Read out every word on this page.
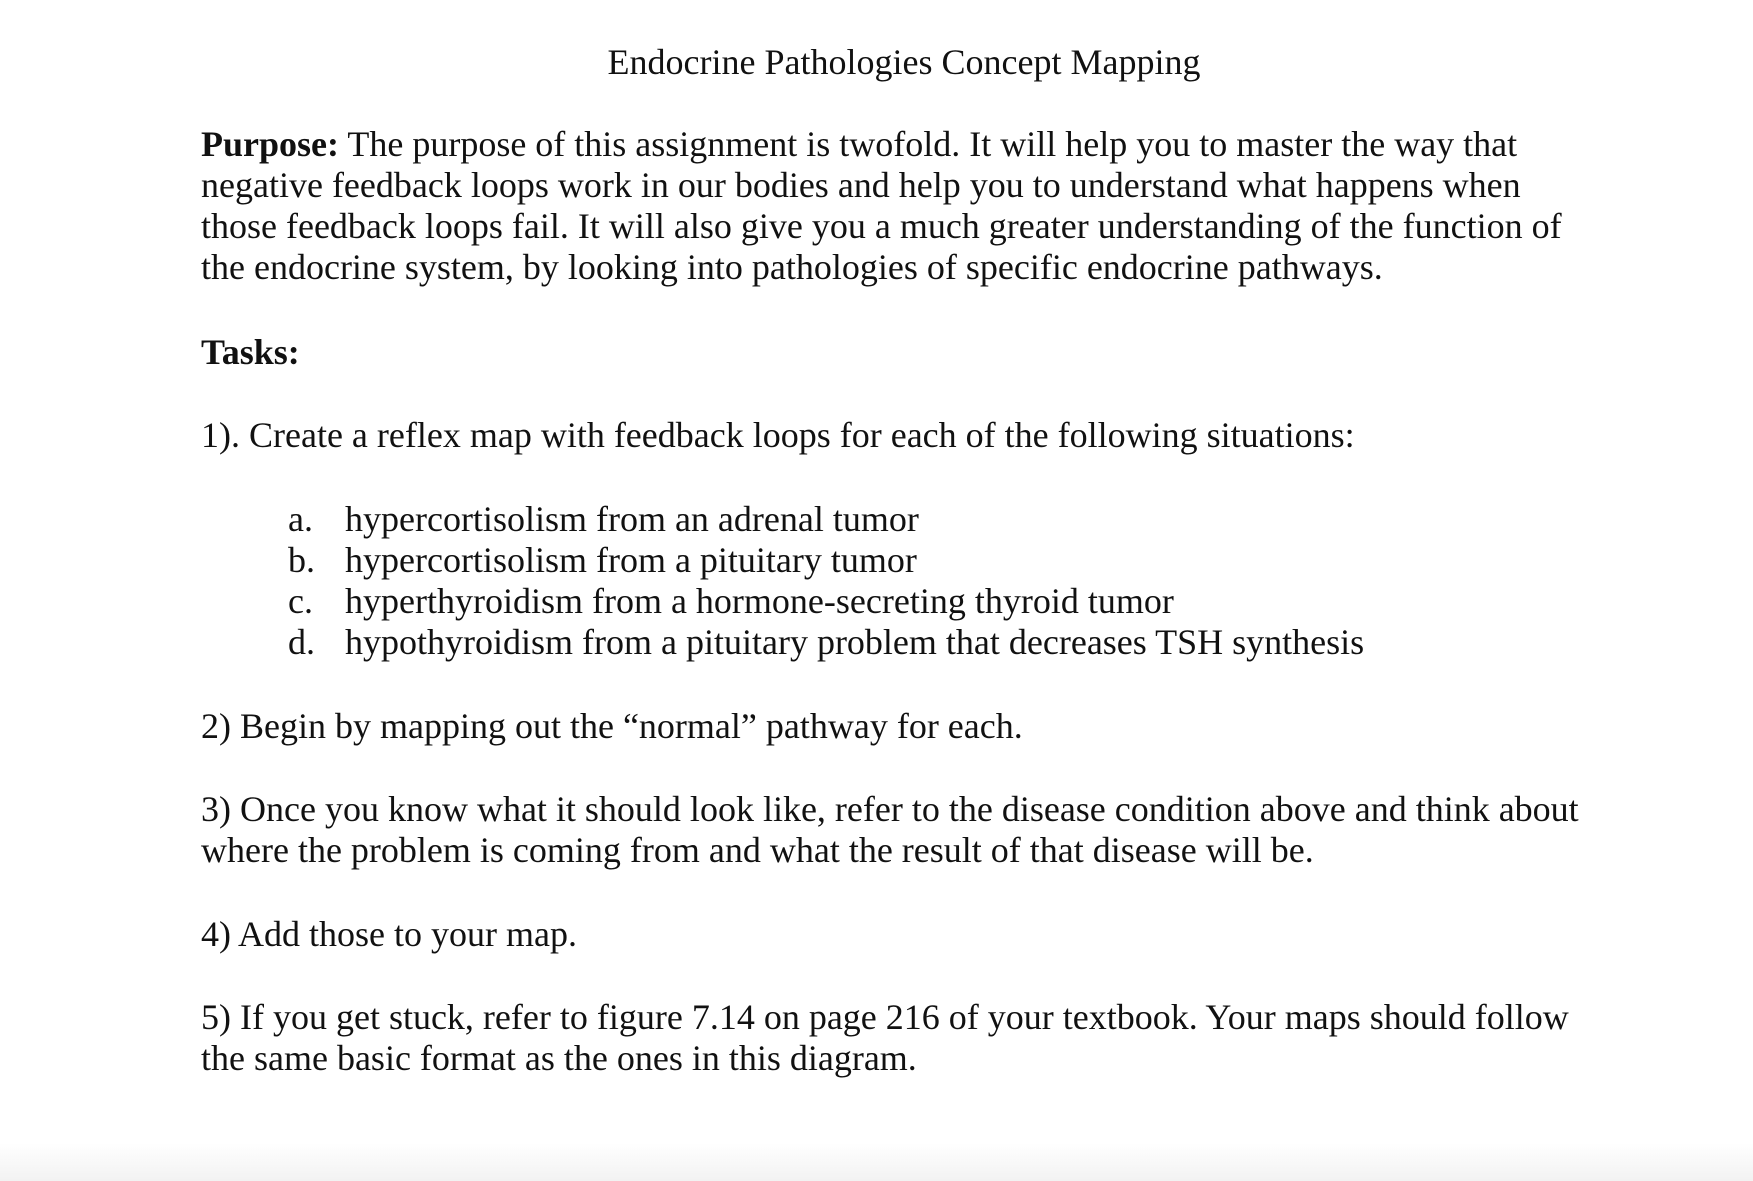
Endocrine Pathologies Concept Mapping

Purpose: The purpose of this assignment is twofold. It will help you to master the way that
negative feedback loops work in our bodies and help you to understand what happens when
those feedback loops fail. It will also give you a much greater understanding of the function of
the endocrine system, by looking into pathologies of specific endocrine pathways.

Tasks:

1). Create a reflex map with feedback loops for each of the following situations:

a. hypercortisolism from an adrenal tumor
b. hypercortisolism from a pituitary tumor
c. hyperthyroidism from a hormone-secreting thyroid tumor
d. hypothyroidism from a pituitary problem that decreases TSH synthesis

2) Begin by mapping out the “normal” pathway for each.

3) Once you know what it should look like, refer to the disease condition above and think about
where the problem is coming from and what the result of that disease will be.

4) Add those to your map.

5) If you get stuck, refer to figure 7.14 on page 216 of your textbook. Your maps should follow
the same basic format as the ones in this diagram.
